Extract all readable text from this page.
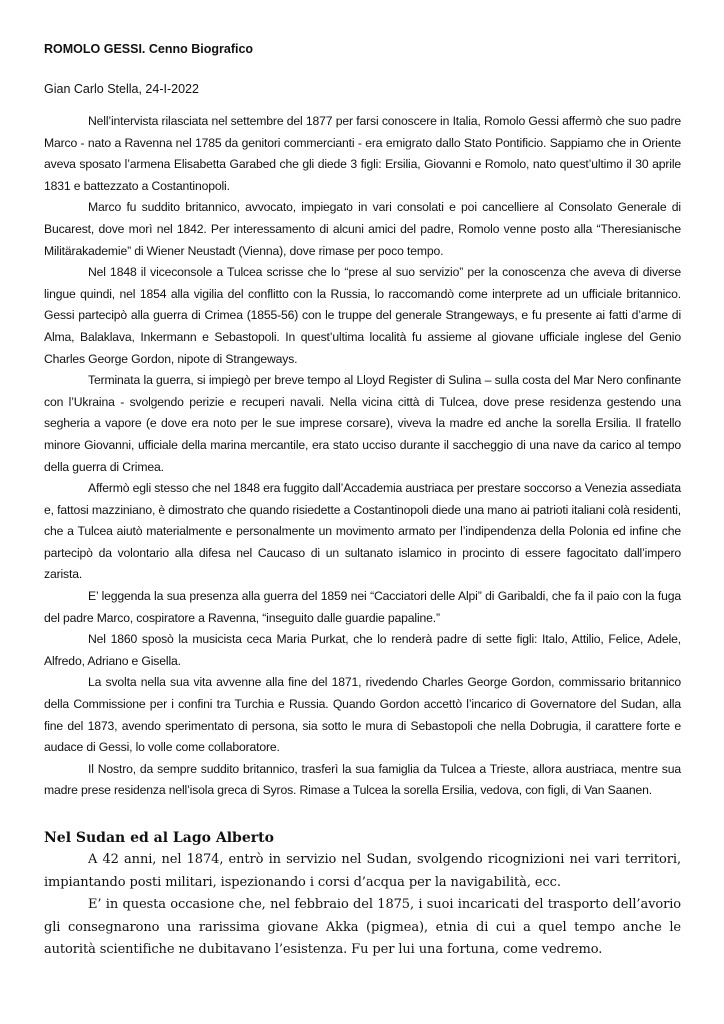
ROMOLO GESSI. Cenno Biografico
Gian Carlo Stella, 24-I-2022

Nell’intervista rilasciata nel settembre del 1877 per farsi conoscere in Italia, Romolo Gessi affermò che suo padre Marco - nato a Ravenna nel 1785 da genitori commercianti - era emigrato dallo Stato Pontificio. Sappiamo che in Oriente aveva sposato l’armena Elisabetta Garabed che gli diede 3 figli: Ersilia, Giovanni e Romolo, nato quest’ultimo il 30 aprile 1831 e battezzato a Costantinopoli.

Marco fu suddito britannico, avvocato, impiegato in vari consolati e poi cancelliere al Consolato Generale di Bucarest, dove morì nel 1842. Per interessamento di alcuni amici del padre, Romolo venne posto alla “Theresianische Militärakademie” di Wiener Neustadt (Vienna), dove rimase per poco tempo.

Nel 1848 il viceconsole a Tulcea scrisse che lo “prese al suo servizio” per la conoscenza che aveva di diverse lingue quindi, nel 1854 alla vigilia del conflitto con la Russia, lo raccomandò come interprete ad un ufficiale britannico. Gessi partecipò alla guerra di Crimea (1855-56) con le truppe del generale Strangeways, e fu presente ai fatti d’arme di Alma, Balaklava, Inkermann e Sebastopoli. In quest’ultima località fu assieme al giovane ufficiale inglese del Genio Charles George Gordon, nipote di Strangeways.

Terminata la guerra, si impiegò per breve tempo al Lloyd Register di Sulina – sulla costa del Mar Nero confinante con l’Ukraina - svolgendo perizie e recuperi navali. Nella vicina città di Tulcea, dove prese residenza gestendo una segheria a vapore (e dove era noto per le sue imprese corsare), viveva la madre ed anche la sorella Ersilia. Il fratello minore Giovanni, ufficiale della marina mercantile, era stato ucciso durante il saccheggio di una nave da carico al tempo della guerra di Crimea.

Affermò egli stesso che nel 1848 era fuggito dall’Accademia austriaca per prestare soccorso a Venezia assediata e, fattosi mazziniano, è dimostrato che quando risiedette a Costantinopoli diede una mano ai patrioti italiani colà residenti, che a Tulcea aiutò materialmente e personalmente un movimento armato per l’indipendenza della Polonia ed infine che partecipò da volontario alla difesa nel Caucaso di un sultanato islamico in procinto di essere fagocitato dall’impero zarista.

E’ leggenda la sua presenza alla guerra del 1859 nei “Cacciatori delle Alpi” di Garibaldi, che fa il paio con la fuga del padre Marco, cospiratore a Ravenna, “inseguito dalle guardie papaline.”

Nel 1860 sposò la musicista ceca Maria Purkat, che lo renderà padre di sette figli: Italo, Attilio, Felice, Adele, Alfredo, Adriano e Gisella.

La svolta nella sua vita avvenne alla fine del 1871, rivedendo Charles George Gordon, commissario britannico della Commissione per i confini tra Turchia e Russia. Quando Gordon accettò l’incarico di Governatore del Sudan, alla fine del 1873, avendo sperimentato di persona, sia sotto le mura di Sebastopoli che nella Dobrugia, il carattere forte e audace di Gessi, lo volle come collaboratore.

Il Nostro, da sempre suddito britannico, trasferì la sua famiglia da Tulcea a Trieste, allora austriaca, mentre sua madre prese residenza nell’isola greca di Syros. Rimase a Tulcea la sorella Ersilia, vedova, con figli, di Van Saanen.

Nel Sudan ed al Lago Alberto

A 42 anni, nel 1874, entrò in servizio nel Sudan, svolgendo ricognizioni nei vari territori, impiantando posti militari, ispezionando i corsi d’acqua per la navigabilità, ecc.

E’ in questa occasione che, nel febbraio del 1875, i suoi incaricati del trasporto dell’avorio gli consegnarono una rarissima giovane Akka (pigmea), etnia di cui a quel tempo anche le autorità scientifiche ne dubitavano l’esistenza. Fu per lui una fortuna, come vedremo.
